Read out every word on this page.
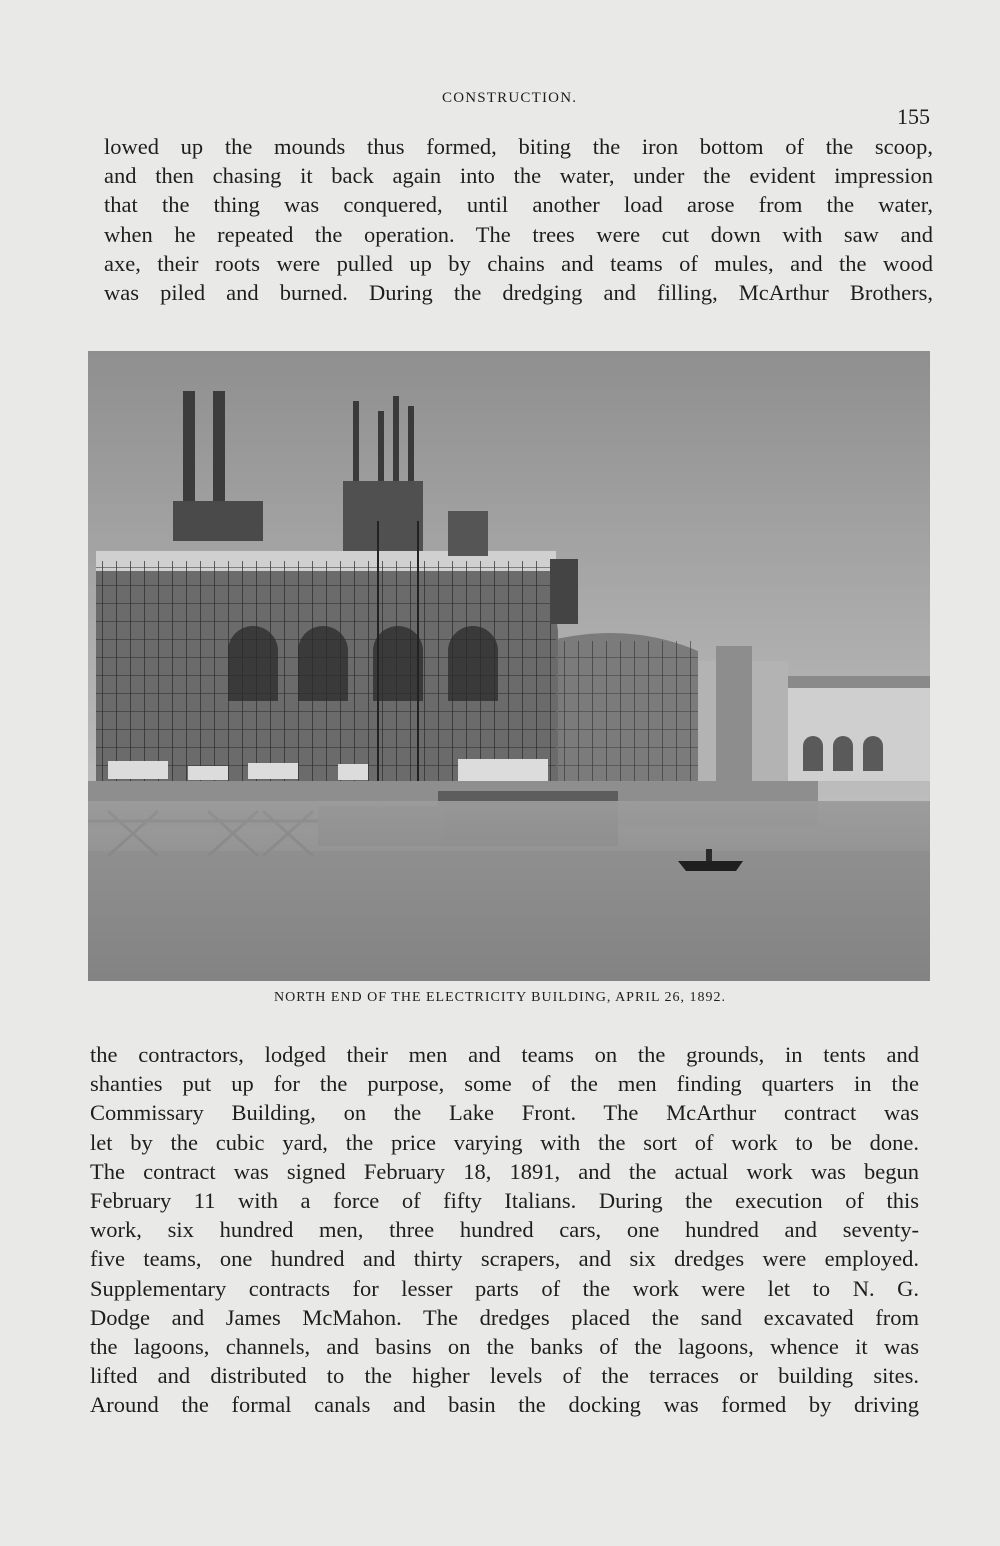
CONSTRUCTION.
155
lowed up the mounds thus formed, biting the iron bottom of the scoop,
and then chasing it back again into the water, under the evident impression
that the thing was conquered, until another load arose from the water,
when he repeated the operation. The trees were cut down with saw and
axe, their roots were pulled up by chains and teams of mules, and the wood
was piled and burned. During the dredging and filling, McArthur Brothers,
NORTH END OF THE ELECTRICITY BUILDING, APRIL 26, 1892.
the contractors, lodged their men and teams on the grounds, in tents and
shanties put up for the purpose, some of the men finding quarters in the
Commissary Building, on the Lake Front. The McArthur contract was
let by the cubic yard, the price varying with the sort of work to be done.
The contract was signed February 18, 1891, and the actual work was begun
February 11 with a force of fifty Italians. During the execution of this
work, six hundred men, three hundred cars, one hundred and seventy-
five teams, one hundred and thirty scrapers, and six dredges were employed.
Supplementary contracts for lesser parts of the work were let to N. G.
Dodge and James McMahon. The dredges placed the sand excavated from
the lagoons, channels, and basins on the banks of the lagoons, whence it was
lifted and distributed to the higher levels of the terraces or building sites.
Around the formal canals and basin the docking was formed by driving
